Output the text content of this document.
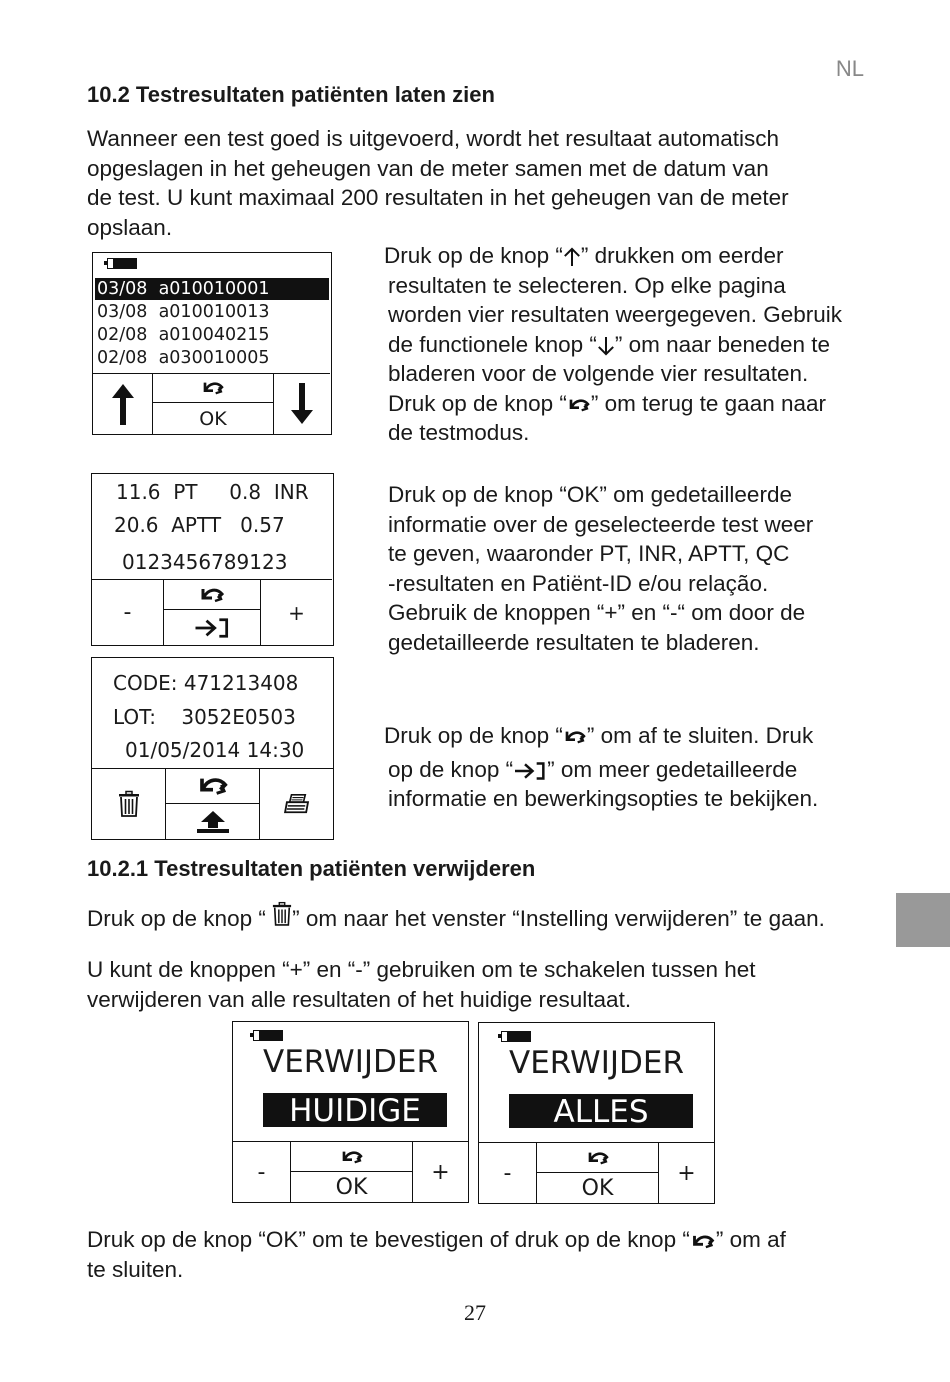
NL
10.2 Testresultaten patiënten laten zien
Wanneer een test goed is uitgevoerd, wordt het resultaat automatisch
opgeslagen in het geheugen van de meter samen met de datum van
de test. U kunt maximaal 200 resultaten in het geheugen van de meter
opslaan.
03/08 a010010001
03/08 a010010013
02/08 a010040215
02/08 a030010005
OK
Druk op de knop “ ” drukken om eerder
resultaten te selecteren. Op elke pagina
worden vier resultaten weergegeven. Gebruik
de functionele knop “ ” om naar beneden te
bladeren voor de volgende vier resultaten.
Druk op de knop “ ” om terug te gaan naar
de testmodus.
11.6  PT     0.8  INR
20.6  APTT   0.57
0123456789123
-	+
Druk op de knop “OK” om gedetailleerde
informatie over de geselecteerde test weer
te geven, waaronder PT, INR, APTT, QC
-resultaten en Patiënt-ID e/ou relação.
Gebruik de knoppen “+” en “-“ om door de
gedetailleerde resultaten te bladeren.
CODE: 471213408
LOT:    3052E0503
01/05/2014 14:30
Druk op de knop “ ” om af te sluiten. Druk
op de knop “ ” om meer gedetailleerde
informatie en bewerkingsopties te bekijken.
10.2.1 Testresultaten patiënten verwijderen
Druk op de knop “ ” om naar het venster “Instelling verwijderen” te gaan.
U kunt de knoppen “+” en “-” gebruiken om te schakelen tussen het
verwijderen van alle resultaten of het huidige resultaat.
VERWIJDER
HUIDIGE
-
OK
+
VERWIJDER
ALLES
-
OK
+
Druk op de knop “OK” om te bevestigen of druk op de knop “ ” om af
te sluiten.
27
